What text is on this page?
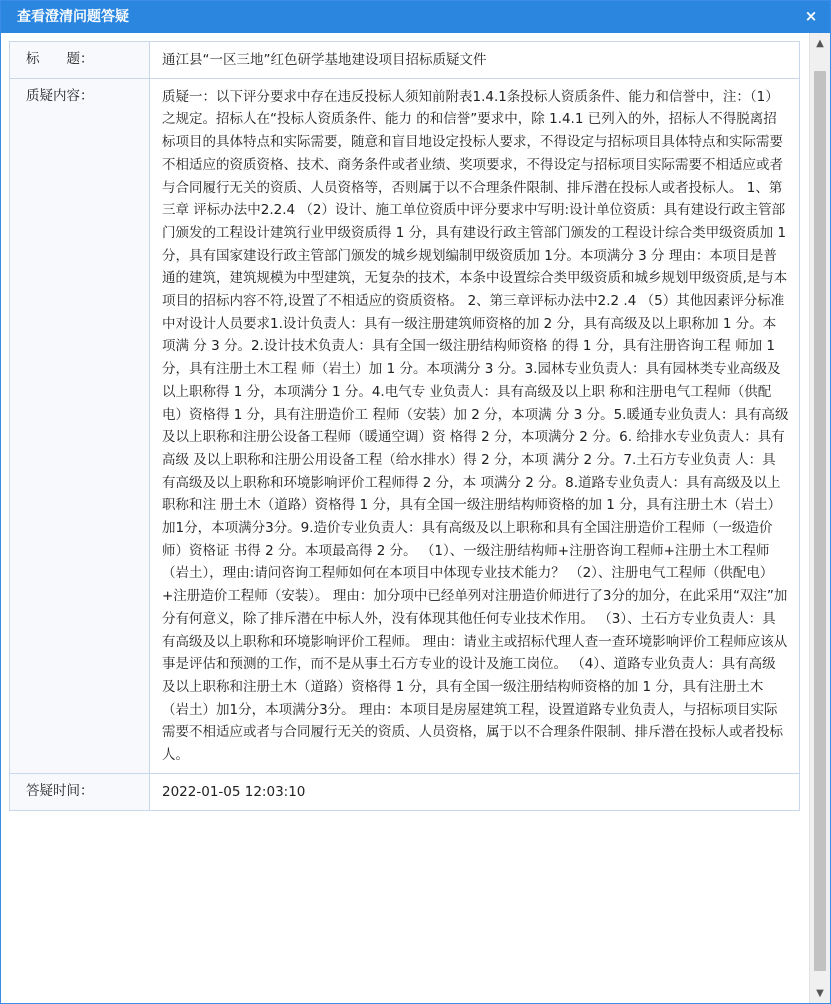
查看澄清问题答疑	×
标　　题：	通江县“一区三地”红色研学基地建设项目招标质疑文件

质疑内容：	质疑一：以下评分要求中存在违反投标人须知前附表1.4.1条投标人资质条件、能力和信誉中，注：（1）之规定。招标人在“投标人资质条件、能力 的和信誉”要求中，除 1.4.1 已列入的外，招标人不得脱离招标项目的具体特点和实际需要，随意和盲目地设定投标人要求，不得设定与招标项目具体特点和实际需要不相适应的资质资格、技术、商务条件或者业绩、奖项要求，不得设定与招标项目实际需要不相适应或者与合同履行无关的资质、人员资格等，否则属于以不合理条件限制、排斥潜在投标人或者投标人。 1、第三章 评标办法中2.2.4 （2）设计、施工单位资质中评分要求中写明:设计单位资质：具有建设行政主管部门颁发的工程设计建筑行业甲级资质得 1 分，具有建设行政主管部门颁发的工程设计综合类甲级资质加 1 分，具有国家建设行政主管部门颁发的城乡规划编制甲级资质加 1分。本项满分 3 分 理由：本项目是普通的建筑，建筑规模为中型建筑，无复杂的技术，本条中设置综合类甲级资质和城乡规划甲级资质,是与本项目的招标内容不符,设置了不相适应的资质资格。 2、第三章评标办法中2.2 .4 （5）其他因素评分标准中对设计人员要求1.设计负责人：具有一级注册建筑师资格的加 2 分，具有高级及以上职称加 1 分。本项满 分 3 分。2.设计技术负责人：具有全国一级注册结构师资格 的得 1 分，具有注册咨询工程 师加 1 分，具有注册土木工程 师（岩土）加 1 分。本项满分 3 分。3.园林专业负责人：具有园林类专业高级及以上职称得 1 分，本项满分 1 分。4.电气专 业负责人：具有高级及以上职 称和注册电气工程师（供配电）资格得 1 分，具有注册造价工 程师（安装）加 2 分，本项满 分 3 分。5.暖通专业负责人：具有高级及以上职称和注册公设备工程师（暖通空调）资 格得 2 分，本项满分 2 分。6. 给排水专业负责人：具有高级 及以上职称和注册公用设备工程（给水排水）得 2 分，本项 满分 2 分。7.土石方专业负责 人：具有高级及以上职称和环境影响评价工程师得 2 分，本 项满分 2 分。8.道路专业负责人：具有高级及以上职称和注 册土木（道路）资格得 1 分，具有全国一级注册结构师资格的加 1 分，具有注册土木（岩土）加1分，本项满分3分。9.造价专业负责人：具有高级及以上职称和具有全国注册造价工程师（一级造价师）资格证 书得 2 分。本项最高得 2 分。 （1）、一级注册结构师+注册咨询工程师+注册土木工程师（岩土），理由:请问咨询工程师如何在本项目中体现专业技术能力？ （2）、注册电气工程师（供配电）+注册造价工程师（安装）。 理由：加分项中已经单列对注册造价师进行了3分的加分，在此采用“双注”加分有何意义，除了排斥潜在中标人外，没有体现其他任何专业技术作用。 （3）、土石方专业负责人：具有高级及以上职称和环境影响评价工程师。 理由：请业主或招标代理人查一查环境影响评价工程师应该从事是评估和预测的工作，而不是从事土石方专业的设计及施工岗位。 （4）、道路专业负责人：具有高级及以上职称和注册土木（道路）资格得 1 分，具有全国一级注册结构师资格的加 1 分，具有注册土木（岩土）加1分，本项满分3分。 理由：本项目是房屋建筑工程，设置道路专业负责人，与招标项目实际需要不相适应或者与合同履行无关的资质、人员资格，属于以不合理条件限制、排斥潜在投标人或者投标人。

答疑时间：	2022-01-05 12:03:10
▲
▼
